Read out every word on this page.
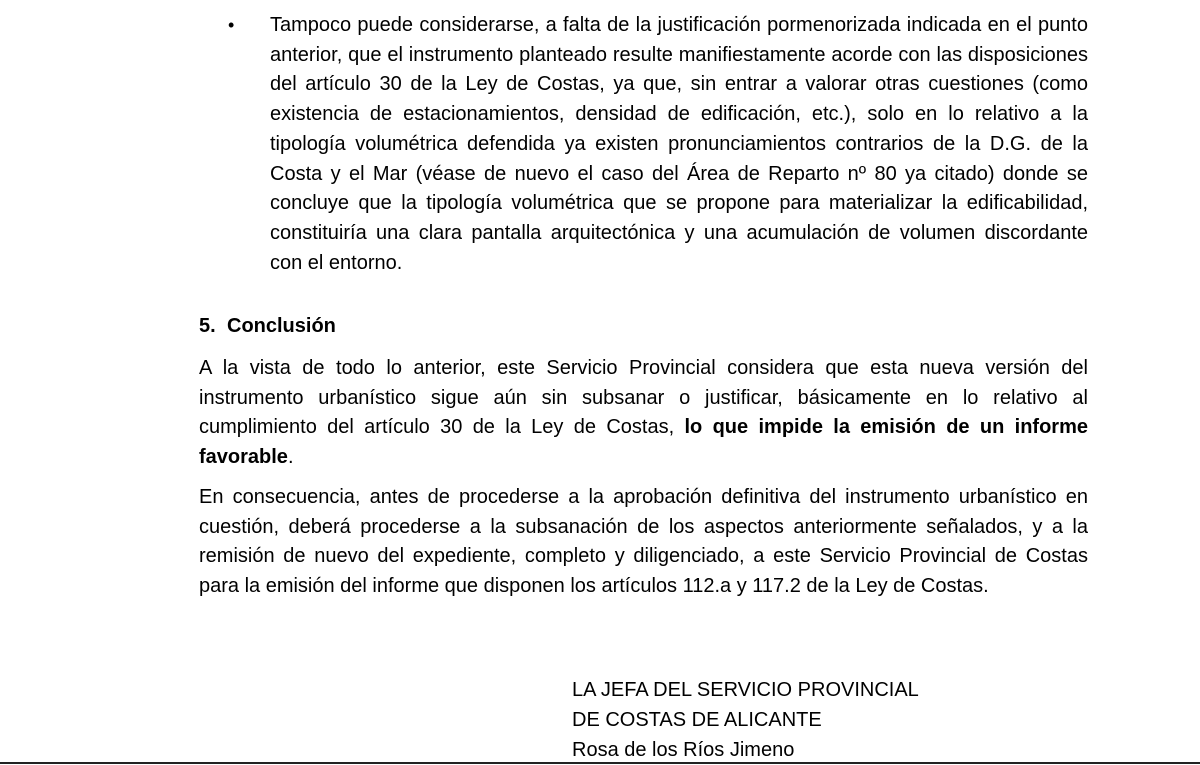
• Tampoco puede considerarse, a falta de la justificación pormenorizada indicada en el punto anterior, que el instrumento planteado resulte manifiestamente acorde con las disposiciones del artículo 30 de la Ley de Costas, ya que, sin entrar a valorar otras cuestiones (como existencia de estacionamientos, densidad de edificación, etc.), solo en lo relativo a la tipología volumétrica defendida ya existen pronunciamientos contrarios de la D.G. de la Costa y el Mar (véase de nuevo el caso del Área de Reparto nº 80 ya citado) donde se concluye que la tipología volumétrica que se propone para materializar la edificabilidad, constituiría una clara pantalla arquitectónica y una acumulación de volumen discordante con el entorno.
5. Conclusión

A la vista de todo lo anterior, este Servicio Provincial considera que esta nueva versión del instrumento urbanístico sigue aún sin subsanar o justificar, básicamente en lo relativo al cumplimiento del artículo 30 de la Ley de Costas, lo que impide la emisión de un informe favorable.

En consecuencia, antes de procederse a la aprobación definitiva del instrumento urbanístico en cuestión, deberá procederse a la subsanación de los aspectos anteriormente señalados, y a la remisión de nuevo del expediente, completo y diligenciado, a este Servicio Provincial de Costas para la emisión del informe que disponen los artículos 112.a y 117.2 de la Ley de Costas.

LA JEFA DEL SERVICIO PROVINCIAL
DE COSTAS DE ALICANTE
Rosa de los Ríos Jimeno
